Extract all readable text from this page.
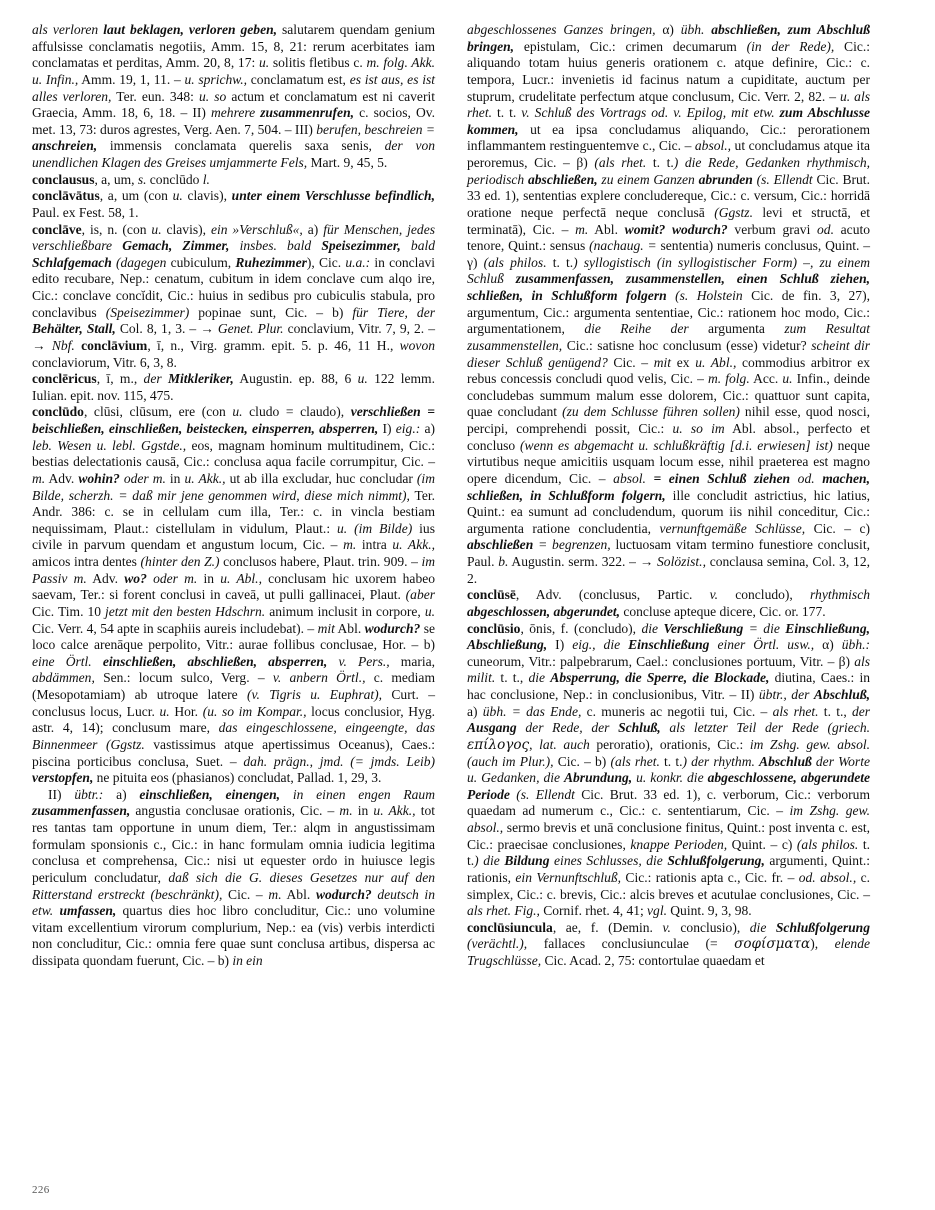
als verloren laut beklagen, verloren geben, salutarem quendam genium affulsisse conclamatis negotiis, Amm. 15, 8, 21: rerum acerbitates iam conclamatas et perditas, Amm. 20, 8, 17: u. solitis fletibus c. m. folg. Akk. u. Infin., Amm. 19, 1, 11. – u. sprichw., conclamatum est, es ist aus, es ist alles verloren, Ter. eun. 348: u. so actum et conclamatum est ni caverit Graecia, Amm. 18, 6, 18. – II) mehrere zusammenrufen, c. socios, Ov. met. 13, 73: duros agrestes, Verg. Aen. 7, 504. – III) berufen, beschreien = anschreien, immensis conclamata querelis saxa senis, der von unendlichen Klagen des Greises umjammerte Fels, Mart. 9, 45, 5.

conclausus, a, um, s. conclūdo l.

conclāvātus, a, um (con u. clavis), unter einem Verschlusse befindlich, Paul. ex Fest. 58, 1.

conclāve, is, n. (con u. clavis), ein »Verschluß«, a) für Menschen, jedes verschließbare Gemach, Zimmer, insbes. bald Speisezimmer, bald Schlafgemach (dagegen cubiculum, Ruhezimmer), Cic. u.a.: in conclavi edito recubare, Nep.: cenatum, cubitum in idem conclave cum alqo ire, Cic.: conclave concĭdit, Cic.: huius in sedibus pro cubiculis stabula, pro conclavibus (Speisezimmer) popinae sunt, Cic. – b) für Tiere, der Behälter, Stall, Col. 8, 1, 3. – → Genet. Plur. conclavium, Vitr. 7, 9, 2. – → Nbf. conclāvium, ī, n., Virg. gramm. epit. 5. p. 46, 11 H., wovon conclaviorum, Vitr. 6, 3, 8.

conclēricus, ī, m., der Mitkleriker, Augustin. ep. 88, 6 u. 122 lemm. Iulian. epit. nov. 115, 475.

conclūdo, clūsi, clūsum, ere (con u. cludo = claudo), verschließen = beischließen, einschließen, beistecken, einsperren, absperren, I) eig.: a) leb. Wesen u. lebl. Ggstde., eos, magnam hominum multitudinem, Cic.: bestias delectationis causā, Cic.: conclusa aqua facile corrumpitur, Cic. – m. Adv. wohin? oder m. in u. Akk., ut ab illa excludar, huc concludar (im Bilde, scherzh. = daß mir jene genommen wird, diese mich nimmt), Ter. Andr. 386: c. se in cellulam cum illa, Ter.: c. in vincla bestiam nequissimam, Plaut.: cistellulam in vidulum, Plaut.: u. (im Bilde) ius civile in parvum quendam et angustum locum, Cic. – m. intra u. Akk., amicos intra dentes (hinter den Z.) conclusos habere, Plaut. trin. 909. – im Passiv m. Adv. wo? oder m. in u. Abl., conclusam hic uxorem habeo saevam, Ter.: si forent conclusi in caveā, ut pulli gallinacei, Plaut. (aber Cic. Tim. 10 jetzt mit den besten Hdschrn. animum inclusit in corpore, u. Cic. Verr. 4, 54 apte in scaphiis aureis includebat). – mit Abl. wodurch? se loco calce arenāque perpolito, Vitr.: aurae follibus conclusae, Hor. – b) eine Örtl. einschließen, abschließen, absperren, v. Pers., maria, abdämmen, Sen.: locum sulco, Verg. – v. anbern Örtl., c. mediam (Mesopotamiam) ab utroque latere (v. Tigris u. Euphrat), Curt. – conclusus locus, Lucr. u. Hor. (u. so im Kompar., locus conclusior, Hyg. astr. 4, 14); conclusum mare, das eingeschlossene, eingeengte, das Binnenmeer (Ggstz. vastissimus atque apertissimus Oceanus), Caes.: piscina porticibus conclusa, Suet. – dah. prägn., jmd. (= jmds. Leib) verstopfen, ne pituita eos (phasianos) concludat, Pallad. 1, 29, 3.

II) übtr.: a) einschließen, einengen, in einen engen Raum zusammenfassen, angustia conclusae orationis, Cic. – m. in u. Akk., tot res tantas tam opportune in unum diem, Ter.: alqm in angustissimam formulam sponsionis c., Cic.: in hanc formulam omnia iudicia legitima conclusa et comprehensa, Cic.: nisi ut equester ordo in huiusce legis periculum concludatur, daß sich die G. dieses Gesetzes nur auf den Ritterstand erstreckt (beschränkt), Cic. – m. Abl. wodurch? deutsch in etw. umfassen, quartus dies hoc libro concluditur, Cic.: uno volumine vitam excellentium virorum complurium, Nep.: ea (vis) verbis interdicti non concluditur, Cic.: omnia fere quae sunt conclusa artibus, dispersa ac dissipata quondam fuerunt, Cic. – b) in ein

abgeschlossenes Ganzes bringen, α) übh. abschließen, zum Abschluß bringen, epistulam, Cic.: crimen decumarum (in der Rede), Cic.: aliquando totam huius generis orationem c. atque definire, Cic.: c. tempora, Lucr.: invenietis id facinus natum a cupiditate, auctum per stuprum, crudelitate perfectum atque conclusum, Cic. Verr. 2, 82. – u. als rhet. t. t. v. Schluß des Vortrags od. v. Epilog, mit etw. zum Abschlusse kommen, ut ea ipsa concludamus aliquando, Cic.: perorationem inflammantem restinguentemve c., Cic. – absol., ut concludamus atque ita peroremus, Cic. – β) (als rhet. t. t.) die Rede, Gedanken rhythmisch, periodisch abschließen, zu einem Ganzen abrunden (s. Ellendt Cic. Brut. 33 ed. 1), sententias explere concludereque, Cic.: c. versum, Cic.: horridā oratione neque perfectā neque conclusā (Ggstz. levi et structā, et terminatā), Cic. – m. Abl. womit? wodurch? verbum gravi od. acuto tenore, Quint.: sensus (nachaug. = sententia) numeris conclusus, Quint. – γ) (als philos. t. t.) syllogistisch (in syllogistischer Form) –, zu einem Schluß zusammenfassen, zusammenstellen, einen Schluß ziehen, schließen, in Schlußform folgern (s. Holstein Cic. de fin. 3, 27), argumentum, Cic.: argumenta sententiae, Cic.: rationem hoc modo, Cic.: argumentationem, die Reihe der argumenta zum Resultat zusammenstellen, Cic.: satisne hoc conclusum (esse) videtur? scheint dir dieser Schluß genügend? Cic. – mit ex u. Abl., commodius arbitror ex rebus concessis concludi quod velis, Cic. – m. folg. Acc. u. Infin., deinde concludebas summum malum esse dolorem, Cic.: quattuor sunt capita, quae concludant (zu dem Schlusse führen sollen) nihil esse, quod nosci, percipi, comprehendi possit, Cic.: u. so im Abl. absol., perfecto et concluso (wenn es abgemacht u. schlußkräftig [d.i. erwiesen] ist) neque virtutibus neque amicitiis usquam locum esse, nihil praeterea est magno opere dicendum, Cic. – absol. = einen Schluß ziehen od. machen, schließen, in Schlußform folgern, ille concludit astrictius, hic latius, Quint.: ea sumunt ad concludendum, quorum iis nihil conceditur, Cic.: argumenta ratione concludentia, vernunftgemäße Schlüsse, Cic. – c) abschließen = begrenzen, luctuosam vitam termino funestiore conclusit, Paul. b. Augustin. serm. 322. – → Solözist., conclausa semina, Col. 3, 12, 2.

conclūsē, Adv. (conclusus, Partic. v. concludo), rhythmisch abgeschlossen, abgerundet, concluse apteque dicere, Cic. or. 177.

conclūsio, ōnis, f. (concludo), die Verschließung = die Einschließung, Abschließung, I) eig., die Einschließung einer Örtl. usw., α) übh.: cuneorum, Vitr.: palpebrarum, Cael.: conclusiones portuum, Vitr. – β) als milit. t. t., die Absperrung, die Sperre, die Blockade, diutina, Caes.: in hac conclusione, Nep.: in conclusionibus, Vitr. – II) übtr., der Abschluß, a) übh. = das Ende, c. muneris ac negotii tui, Cic. – als rhet. t. t., der Ausgang der Rede, der Schluß, als letzter Teil der Rede (griech. επίλογος, lat. auch peroratio), orationis, Cic.: im Zshg. gew. absol. (auch im Plur.), Cic. – b) (als rhet. t. t.) der rhythm. Abschluß der Worte u. Gedanken, die Abrundung, u. konkr. die abgeschlossene, abgerundete Periode (s. Ellendt Cic. Brut. 33 ed. 1), c. verborum, Cic.: verborum quaedam ad numerum c., Cic.: c. sententiarum, Cic. – im Zshg. gew. absol., sermo brevis et unā conclusione finitus, Quint.: post inventa c. est, Cic.: praecisae conclusiones, knappe Perioden, Quint. – c) (als philos. t. t.) die Bildung eines Schlusses, die Schlußfolgerung, argumenti, Quint.: rationis, ein Vernunftschluß, Cic.: rationis apta c., Cic. fr. – od. absol., c. simplex, Cic.: c. brevis, Cic.: alcis breves et acutulae conclusiones, Cic. – als rhet. Fig., Cornif. rhet. 4, 41; vgl. Quint. 9, 3, 98.

conclūsiuncula, ae, f. (Demin. v. conclusio), die Schlußfolgerung (verächtl.), fallaces conclusiunculae (= σοφίσματα), elende Trugschlüsse, Cic. Acad. 2, 75: contortulae quaedam et

226
